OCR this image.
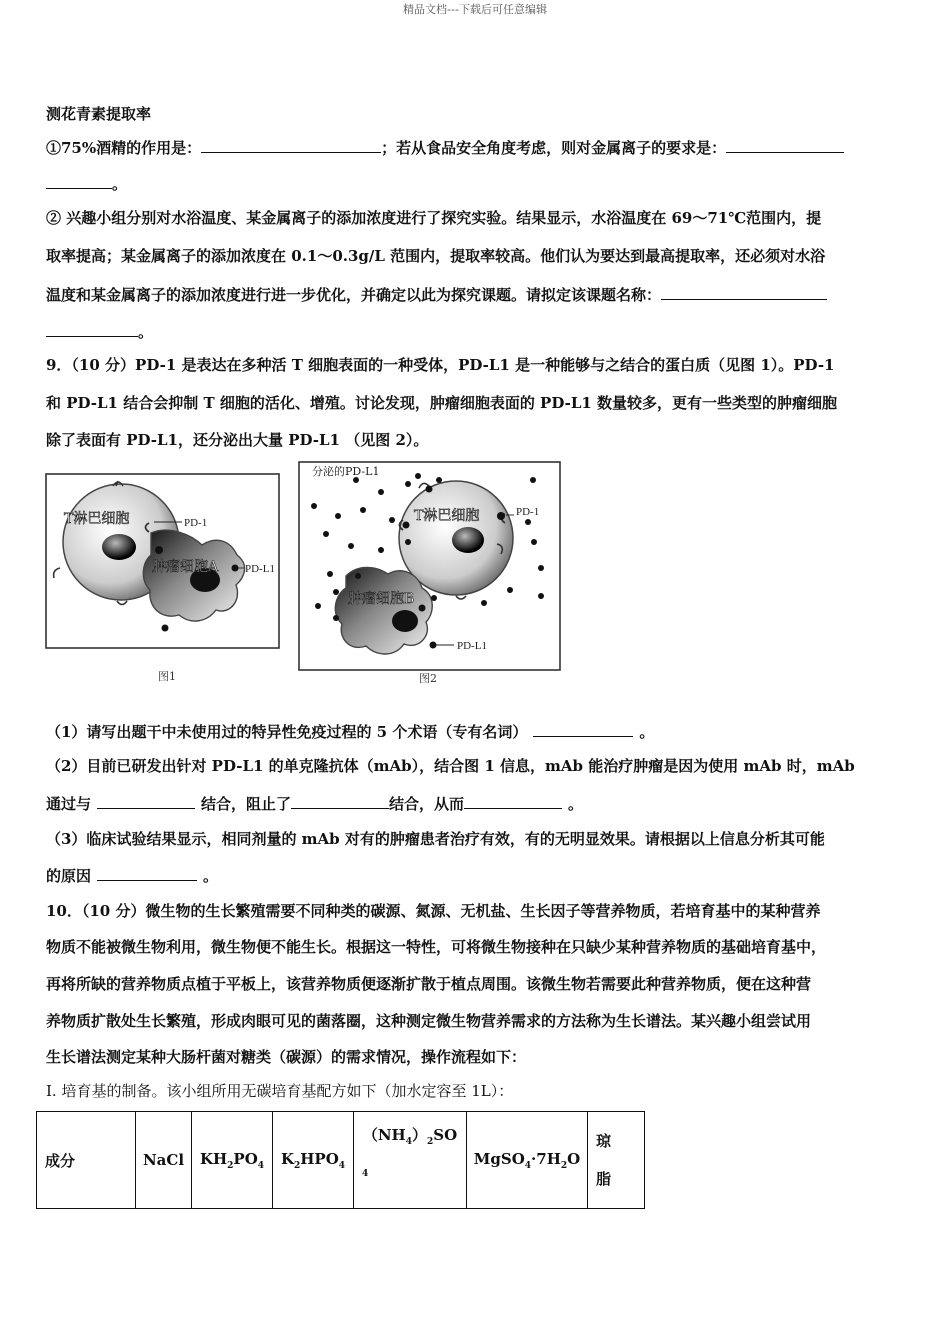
精品文档---下载后可任意编辑
测花青素提取率
①75%酒精的作用是：	；若从食品安全角度考虑，则对金属离子的要求是：
。
② 兴趣小组分别对水浴温度、某金属离子的添加浓度进行了探究实验。结果显示，水浴温度在 69～71℃范围内，提
取率提高；某金属离子的添加浓度在 0.1～0.3g/L 范围内，提取率较高。他们认为要达到最高提取率，还必须对水浴
温度和某金属离子的添加浓度进行进一步优化，并确定以此为探究课题。请拟定该课题名称：
。
9．（10 分）PD-1 是表达在多种活 T 细胞表面的一种受体，PD-L1 是一种能够与之结合的蛋白质（见图 1）。PD-1
和 PD-L1 结合会抑制 T 细胞的活化、增殖。讨论发现，肿瘤细胞表面的 PD-L1 数量较多，更有一些类型的肿瘤细胞
除了表面有 PD-L1，还分泌出大量 PD-L1 （见图 2）。
T淋巴细胞	PD-1
肿瘤细胞A PD-L1
图1
分泌的PD-L1
T淋巴细胞	PD-1
肿瘤细胞B
PD-L1
图2
（1）请写出题干中未使用过的特异性免疫过程的 5 个术语（专有名词）	。
（2）目前已研发出针对 PD-L1 的单克隆抗体（mAb），结合图 1 信息，mAb 能治疗肿瘤是因为使用 mAb 时，mAb
通过与	结合，阻止了	结合，从而	。
（3）临床试验结果显示，相同剂量的 mAb 对有的肿瘤患者治疗有效，有的无明显效果。请根据以上信息分析其可能
的原因	。
10．（10 分）微生物的生长繁殖需要不同种类的碳源、氮源、无机盐、生长因子等营养物质，若培育基中的某种营养
物质不能被微生物利用，微生物便不能生长。根据这一特性，可将微生物接种在只缺少某种营养物质的基础培育基中，
再将所缺的营养物质点植于平板上，该营养物质便逐渐扩散于植点周围。该微生物若需要此种营养物质，便在这种营
养物质扩散处生长繁殖，形成肉眼可见的菌落圈，这种测定微生物营养需求的方法称为生长谱法。某兴趣小组尝试用
生长谱法测定某种大肠杆菌对糖类（碳源）的需求情况，操作流程如下：
I. 培育基的制备。该小组所用无碳培育基配方如下（加水定容至 1L）：
成分	NaCl	$KH_2PO_4$	$K_2HPO_4$	$(NH_4)_2SO$

4
	$MgSO_4\cdot 7H_2O$	琼
脂
